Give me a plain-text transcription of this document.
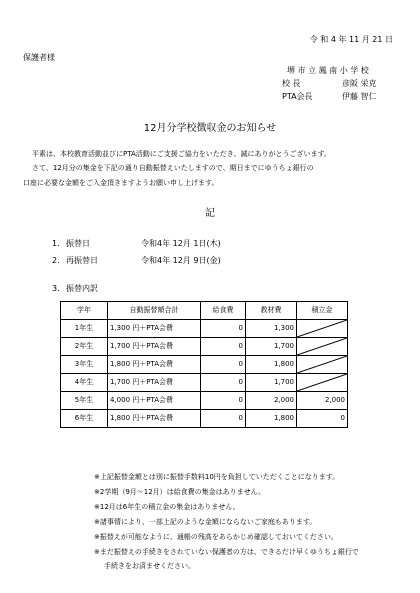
令 和 4 年 11 月 21 日
保護者様
堺 市 立 鳳 南 小 学 校
校 長	彦阪 栄克
PTA会長	伊藤 智仁
12月分学校徴収金のお知らせ
平素は、本校教育活動並びにPTA活動にご支援ご協力をいただき、誠にありがとうございます。
さて、12月分の集金を下記の通り自動振替えいたしますので、期日までにゆうちょ銀行の
口座に必要な金額をご入金頂きますようお願い申し上げます。
記
1. 振替日	令和4年 12月 1日(木)
2. 再振替日	令和4年 12月 9日(金)
3. 振替内訳
学年	自動振替額合計	給食費	教材費	積立金
1年生	1,300 円＋PTA会費	0	1,300	

2年生	1,700 円＋PTA会費	0	1,700	

3年生	1,800 円＋PTA会費	0	1,800	

4年生	1,700 円＋PTA会費	0	1,700	

5年生	4,000 円＋PTA会費	0	2,000	2,000
6年生	1,800 円＋PTA会費	0	1,800	0
※上記振替金額とは別に振替手数料10円を負担していただくことになります。
※2学期（9月～12月）は給食費の集金はありません。
※12月は6年生の積立金の集金はありません。
※諸事情により、一部上記のような金額にならないご家庭もあります。
※振替えが可能なように、通帳の残高をあらかじめ確認しておいてください。
※まだ振替えの手続きをされていない保護者の方は、できるだけ早くゆうちょ銀行で
手続きをお済ませください。
